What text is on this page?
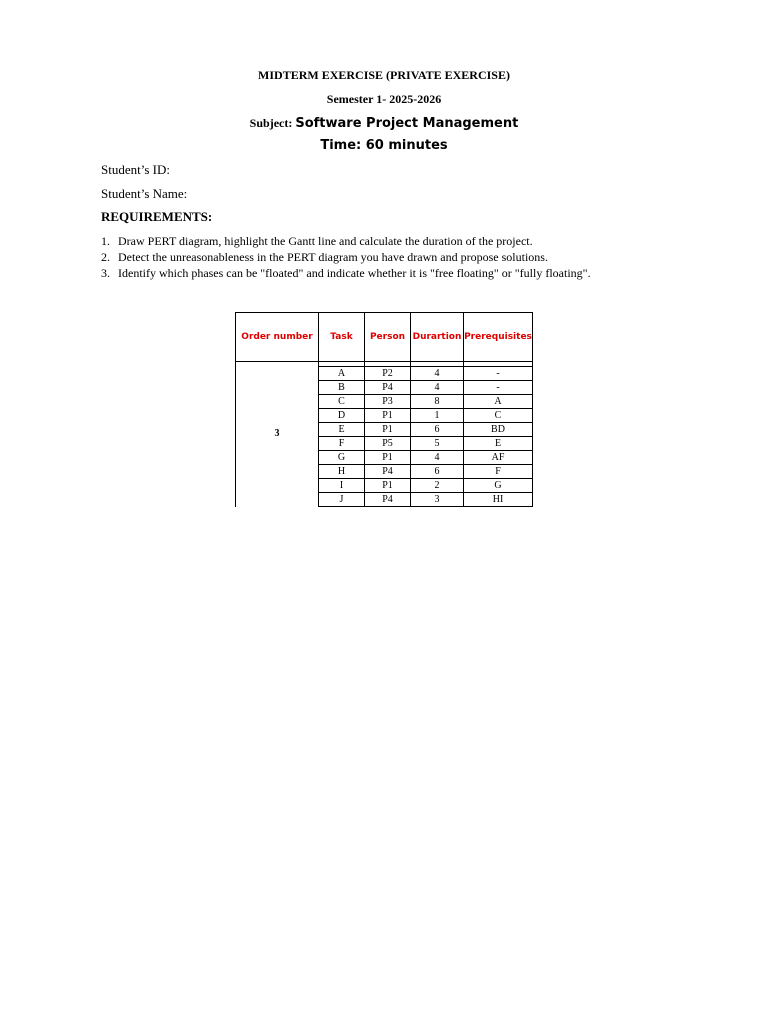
MIDTERM EXERCISE (PRIVATE EXERCISE)
Semester 1- 2025-2026
Subject: Software Project Management
Time: 60 minutes
Student’s ID:
Student’s Name:
REQUIREMENTS:
1. Draw PERT diagram, highlight the Gantt line and calculate the duration of the project.
2. Detect the unreasonableness in the PERT diagram you have drawn and propose solutions.
3. Identify which phases can be "floated" and indicate whether it is "free floating" or "fully floating".
Order number	Task	Person	Durartion	Prerequisites
3				
	A	P2	4	-
	B	P4	4	-
	C	P3	8	A
	D	P1	1	C
	E	P1	6	BD
	F	P5	5	E
	G	P1	4	AF
	H	P4	6	F
	I	P1	2	G
	J	P4	3	HI
